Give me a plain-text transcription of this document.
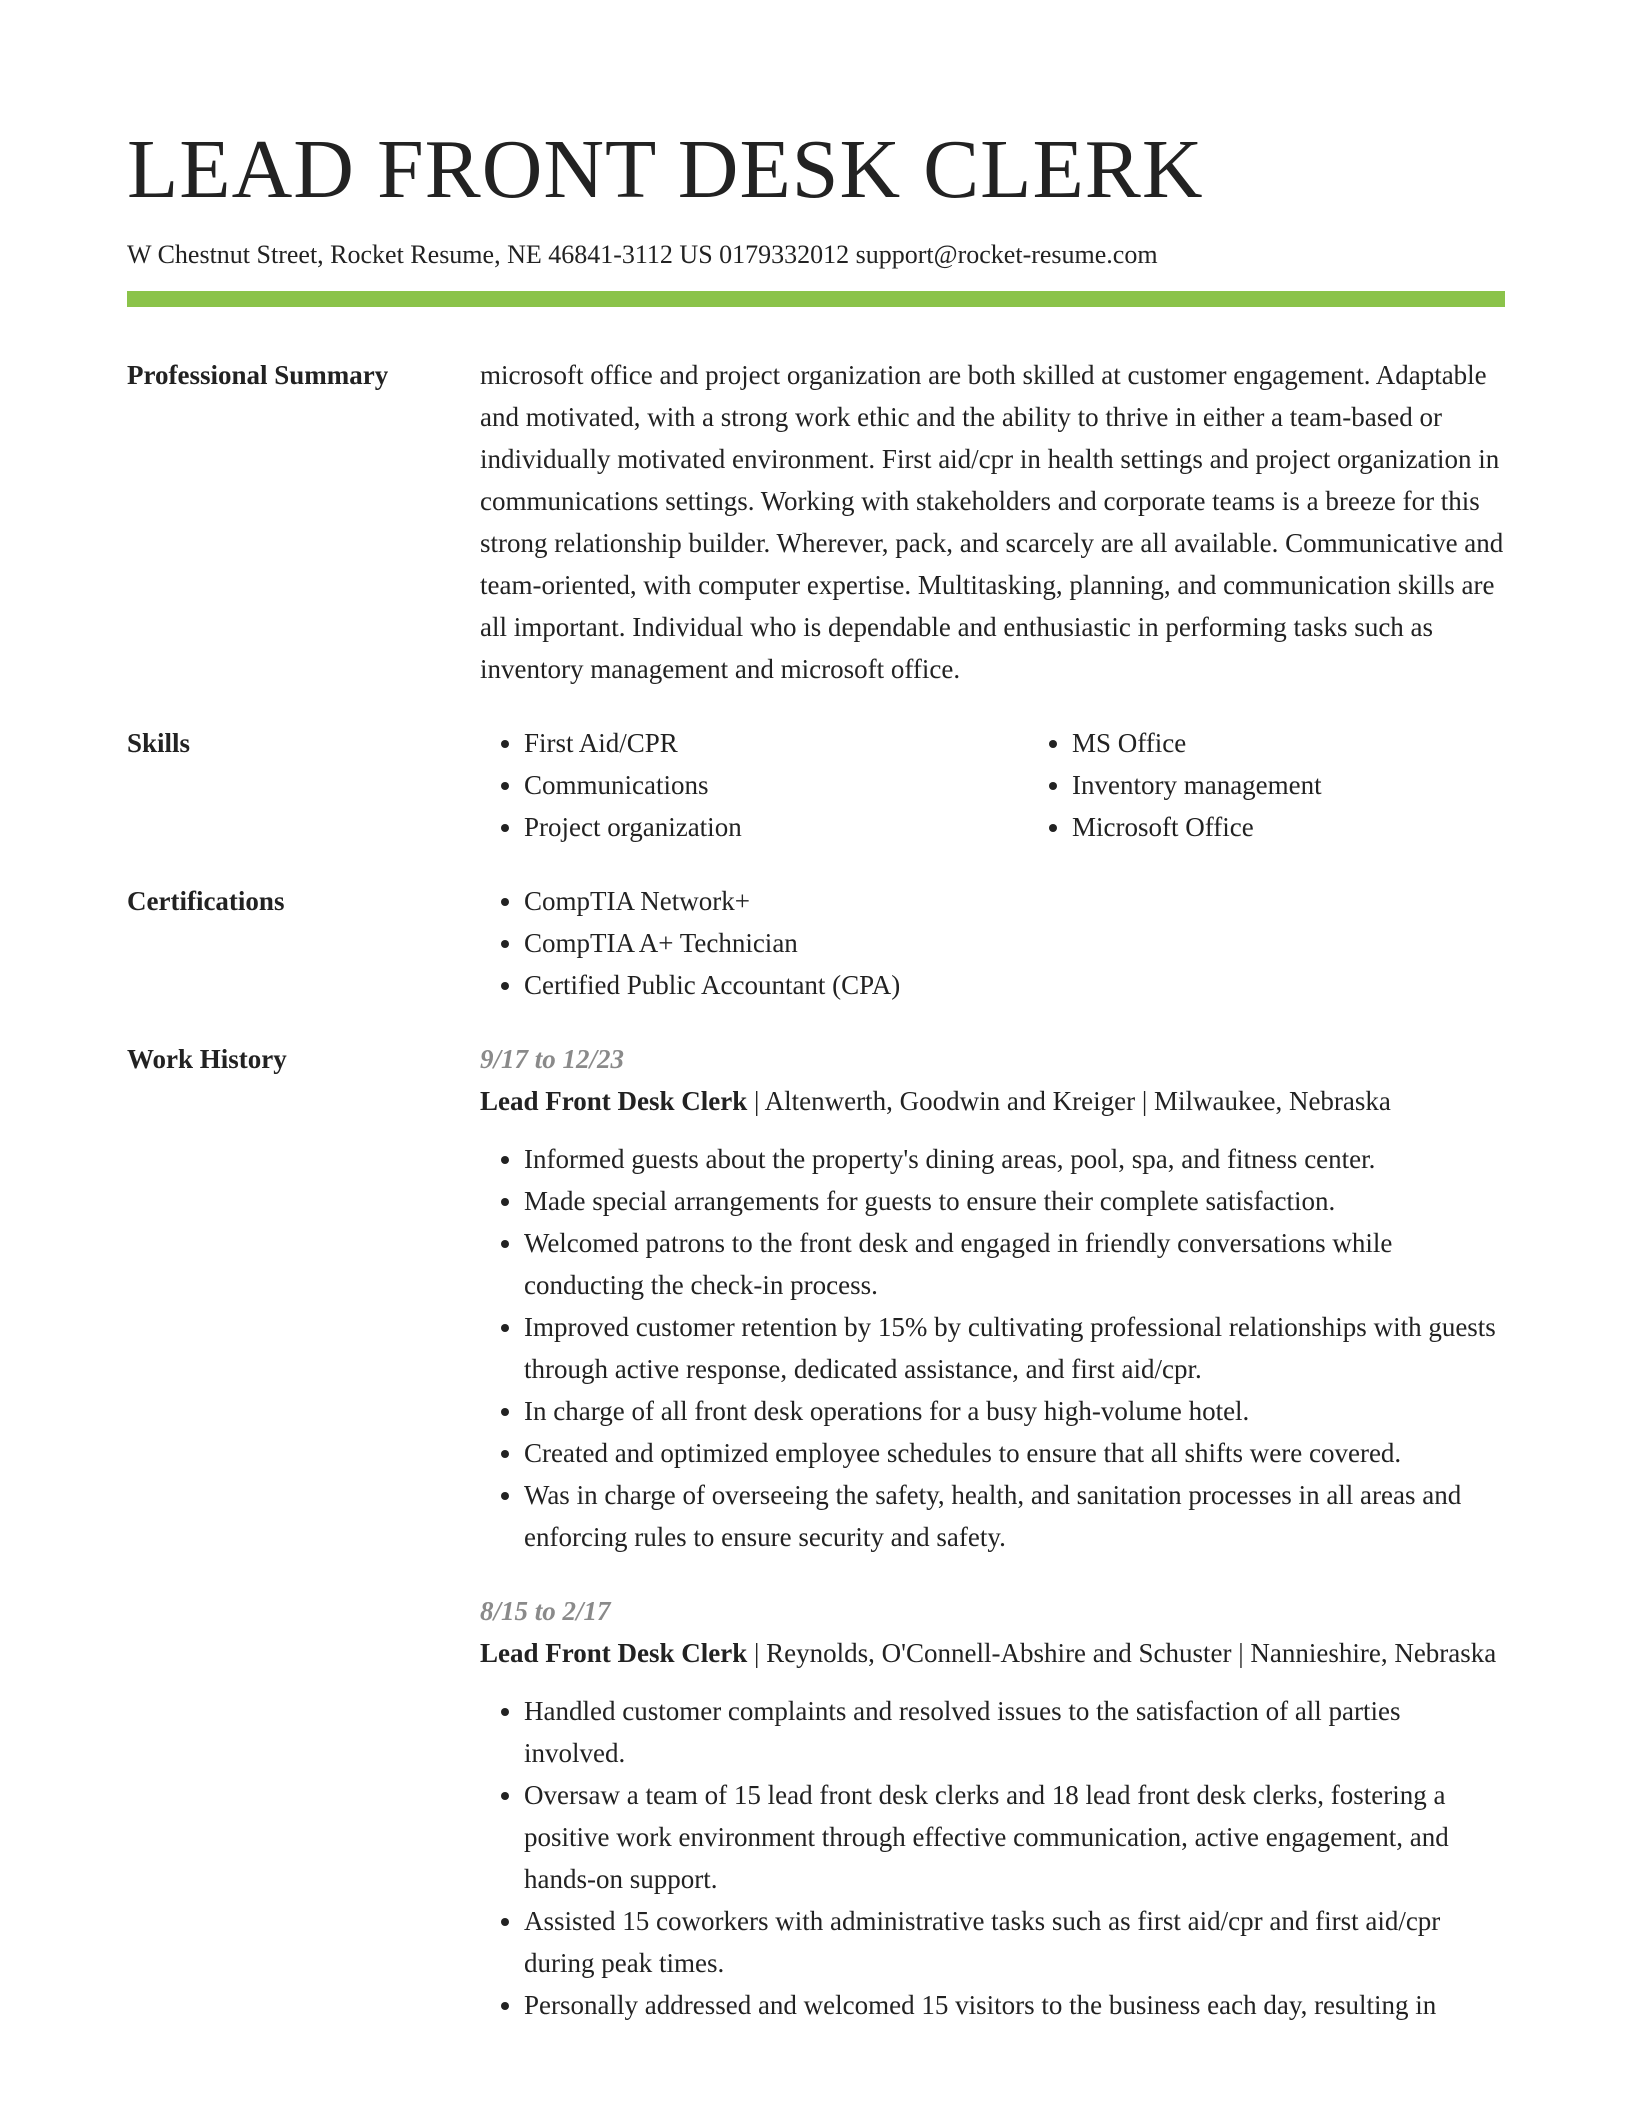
LEAD FRONT DESK CLERK
W Chestnut Street, Rocket Resume, NE 46841-3112 US 0179332012 support@rocket-resume.com
Professional Summary	microsoft office and project organization are both skilled at customer engagement. Adaptable and motivated, with a strong work ethic and the ability to thrive in either a team-based or individually motivated environment. First aid/cpr in health settings and project organization in communications settings. Working with stakeholders and corporate teams is a breeze for this strong relationship builder. Wherever, pack, and scarcely are all available. Communicative and team-oriented, with computer expertise. Multitasking, planning, and communication skills are all important. Individual who is dependable and enthusiastic in performing tasks such as inventory management and microsoft office.
Skills	• First Aid/CPR
• Communications
• Project organization
• MS Office
• Inventory management
• Microsoft Office
Certifications	• CompTIA Network+
• CompTIA A+ Technician
• Certified Public Accountant (CPA)
Work History	9/17 to 12/23
Lead Front Desk Clerk | Altenwerth, Goodwin and Kreiger | Milwaukee, Nebraska
• Informed guests about the property's dining areas, pool, spa, and fitness center.
• Made special arrangements for guests to ensure their complete satisfaction.
• Welcomed patrons to the front desk and engaged in friendly conversations while conducting the check-in process.
• Improved customer retention by 15% by cultivating professional relationships with guests through active response, dedicated assistance, and first aid/cpr.
• In charge of all front desk operations for a busy high-volume hotel.
• Created and optimized employee schedules to ensure that all shifts were covered.
• Was in charge of overseeing the safety, health, and sanitation processes in all areas and enforcing rules to ensure security and safety.
8/15 to 2/17
Lead Front Desk Clerk | Reynolds, O'Connell-Abshire and Schuster | Nannieshire, Nebraska
• Handled customer complaints and resolved issues to the satisfaction of all parties involved.
• Oversaw a team of 15 lead front desk clerks and 18 lead front desk clerks, fostering a positive work environment through effective communication, active engagement, and hands-on support.
• Assisted 15 coworkers with administrative tasks such as first aid/cpr and first aid/cpr during peak times.
• Personally addressed and welcomed 15 visitors to the business each day, resulting in
